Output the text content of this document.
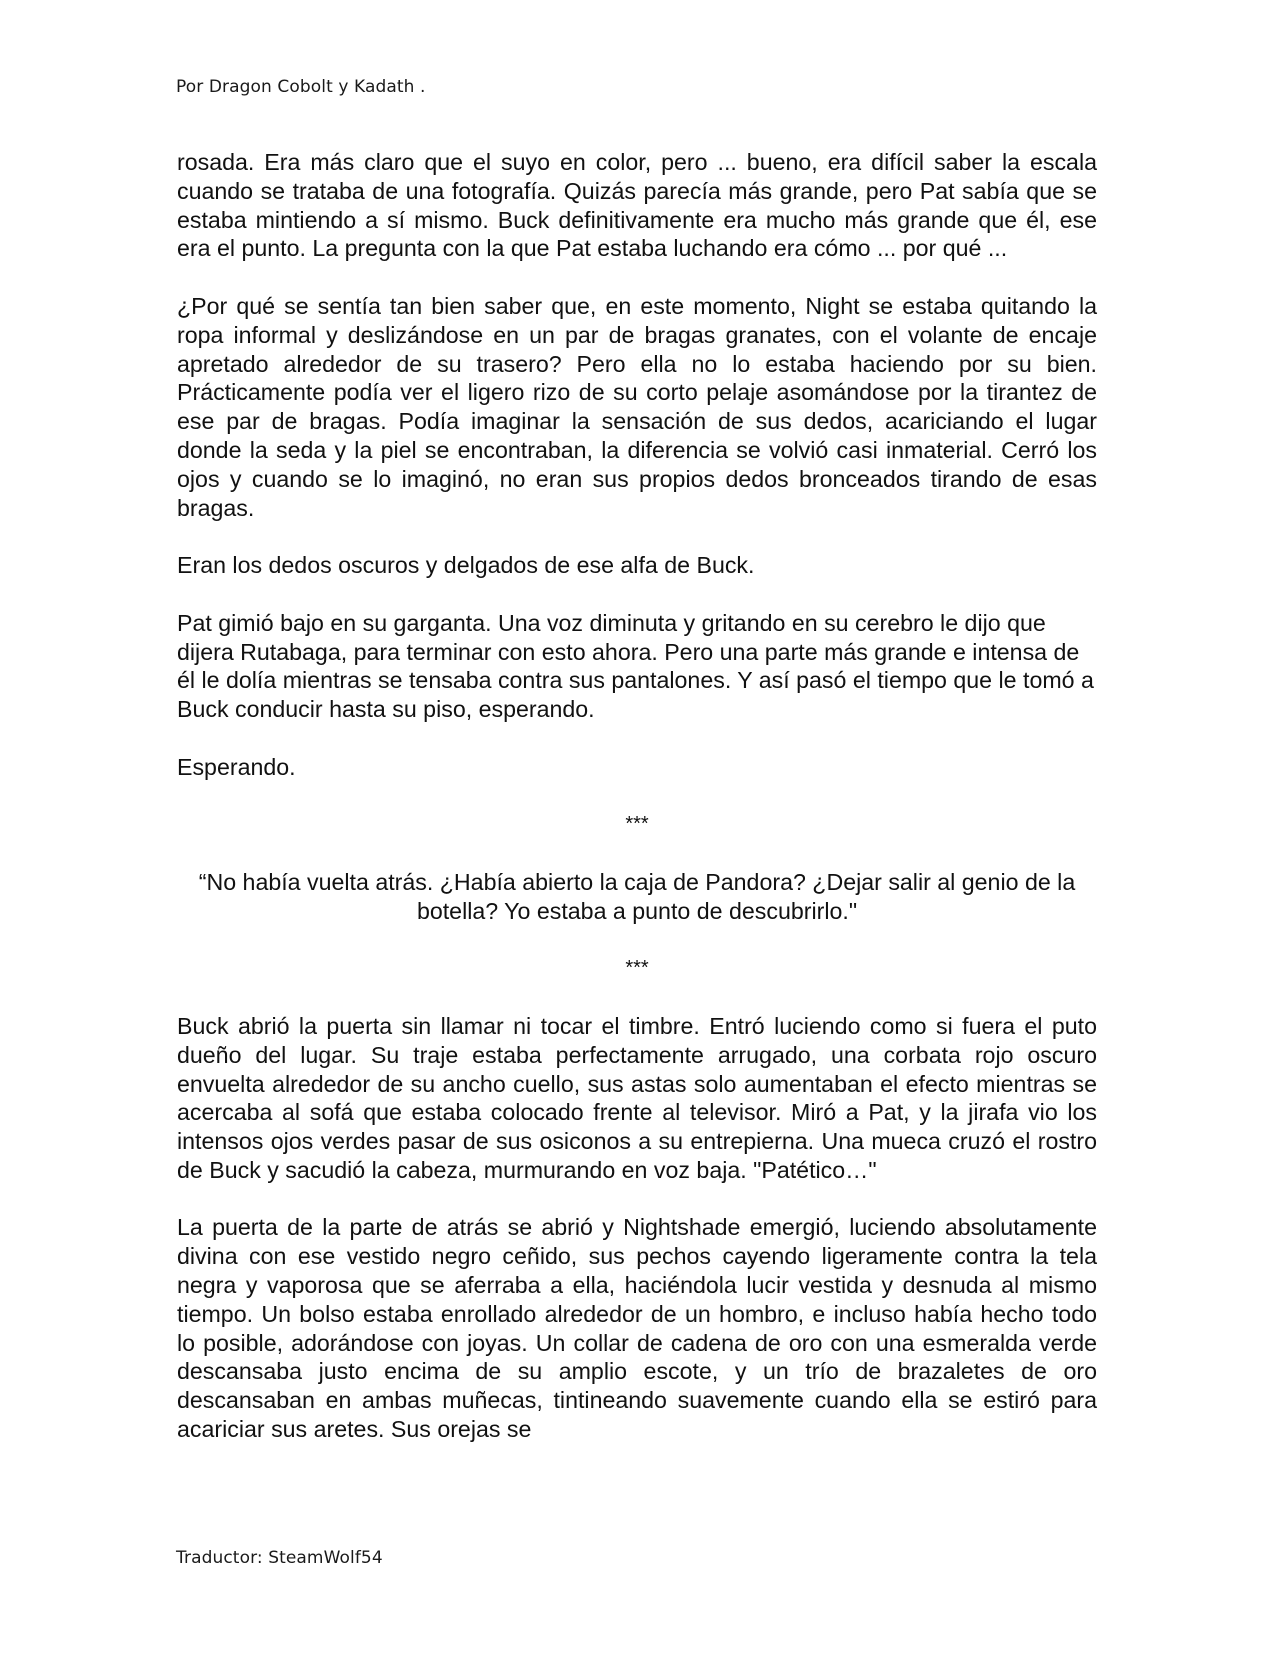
Por Dragon Cobolt y Kadath .

rosada. Era más claro que el suyo en color, pero ... bueno, era difícil saber la escala cuando se trataba de una fotografía. Quizás parecía más grande, pero Pat sabía que se estaba mintiendo a sí mismo. Buck definitivamente era mucho más grande que él, ese era el punto. La pregunta con la que Pat estaba luchando era cómo ... por qué ...

¿Por qué se sentía tan bien saber que, en este momento, Night se estaba quitando la ropa informal y deslizándose en un par de bragas granates, con el volante de encaje apretado alrededor de su trasero? Pero ella no lo estaba haciendo por su bien. Prácticamente podía ver el ligero rizo de su corto pelaje asomándose por la tirantez de ese par de bragas. Podía imaginar la sensación de sus dedos, acariciando el lugar donde la seda y la piel se encontraban, la diferencia se volvió casi inmaterial. Cerró los ojos y cuando se lo imaginó, no eran sus propios dedos bronceados tirando de esas bragas.

Eran los dedos oscuros y delgados de ese alfa de Buck.

Pat gimió bajo en su garganta. Una voz diminuta y gritando en su cerebro le dijo que dijera Rutabaga, para terminar con esto ahora. Pero una parte más grande e intensa de él le dolía mientras se tensaba contra sus pantalones. Y así pasó el tiempo que le tomó a Buck conducir hasta su piso, esperando.

Esperando.

***

“No había vuelta atrás. ¿Había abierto la caja de Pandora? ¿Dejar salir al genio de la botella? Yo estaba a punto de descubrirlo."

***

Buck abrió la puerta sin llamar ni tocar el timbre. Entró luciendo como si fuera el puto dueño del lugar. Su traje estaba perfectamente arrugado, una corbata rojo oscuro envuelta alrededor de su ancho cuello, sus astas solo aumentaban el efecto mientras se acercaba al sofá que estaba colocado frente al televisor. Miró a Pat, y la jirafa vio los intensos ojos verdes pasar de sus osiconos a su entrepierna. Una mueca cruzó el rostro de Buck y sacudió la cabeza, murmurando en voz baja. "Patético…"

La puerta de la parte de atrás se abrió y Nightshade emergió, luciendo absolutamente divina con ese vestido negro ceñido, sus pechos cayendo ligeramente contra la tela negra y vaporosa que se aferraba a ella, haciéndola lucir vestida y desnuda al mismo tiempo. Un bolso estaba enrollado alrededor de un hombro, e incluso había hecho todo lo posible, adorándose con joyas. Un collar de cadena de oro con una esmeralda verde descansaba justo encima de su amplio escote, y un trío de brazaletes de oro descansaban en ambas muñecas, tintineando suavemente cuando ella se estiró para acariciar sus aretes. Sus orejas se

Traductor: SteamWolf54
